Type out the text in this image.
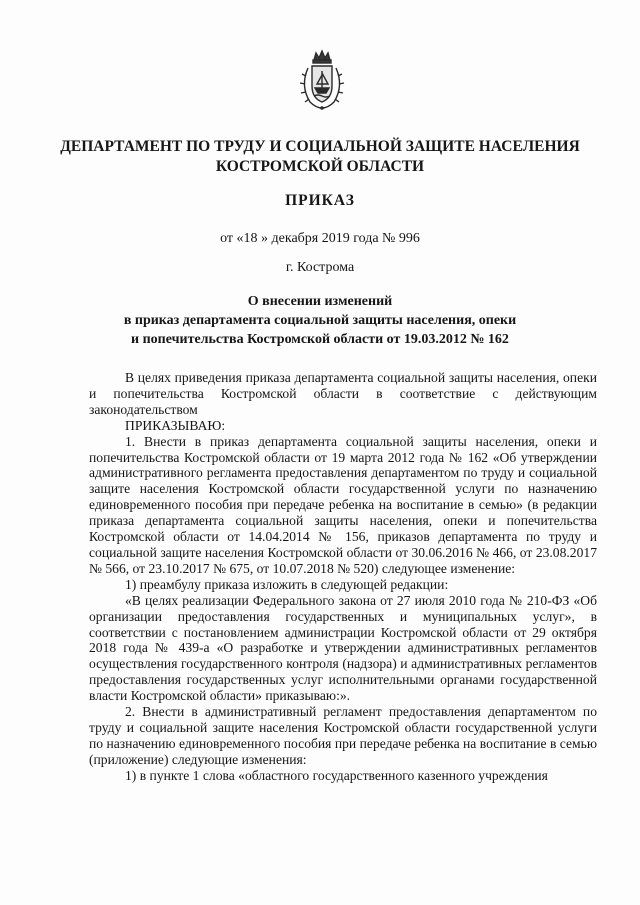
ДЕПАРТАМЕНТ ПО ТРУДУ И СОЦИАЛЬНОЙ ЗАЩИТЕ НАСЕЛЕНИЯ
КОСТРОМСКОЙ ОБЛАСТИ
ПРИКАЗ
от «18 » декабря 2019 года № 996
г. Кострома
О внесении изменений
в приказ департамента социальной защиты населения, опеки
и попечительства Костромской области от 19.03.2012 № 162

В целях приведения приказа департамента социальной защиты населения, опеки и попечительства Костромской области в соответствие с действующим законодательством

ПРИКАЗЫВАЮ:

1. Внести в приказ департамента социальной защиты населения, опеки и попечительства Костромской области от 19 марта 2012 года № 162 «Об утверждении административного регламента предоставления департаментом по труду и социальной защите населения Костромской области государственной услуги по назначению единовременного пособия при передаче ребенка на воспитание в семью» (в редакции приказа департамента социальной защиты населения, опеки и попечительства Костромской области от 14.04.2014 № 156, приказов департамента по труду и социальной защите населения Костромской области от 30.06.2016 № 466, от 23.08.2017 № 566, от 23.10.2017 № 675, от 10.07.2018 № 520) следующее изменение:

1) преамбулу приказа изложить в следующей редакции:

«В целях реализации Федерального закона от 27 июля 2010 года № 210-ФЗ «Об организации предоставления государственных и муниципальных услуг», в соответствии с постановлением администрации Костромской области от 29 октября 2018 года № 439-а «О разработке и утверждении административных регламентов осуществления государственного контроля (надзора) и административных регламентов предоставления государственных услуг исполнительными органами государственной власти Костромской области» приказываю:».

2. Внести в административный регламент предоставления департаментом по труду и социальной защите населения Костромской области государственной услуги по назначению единовременного пособия при передаче ребенка на воспитание в семью (приложение) следующие изменения:

1) в пункте 1 слова «областного государственного казенного учреждения
